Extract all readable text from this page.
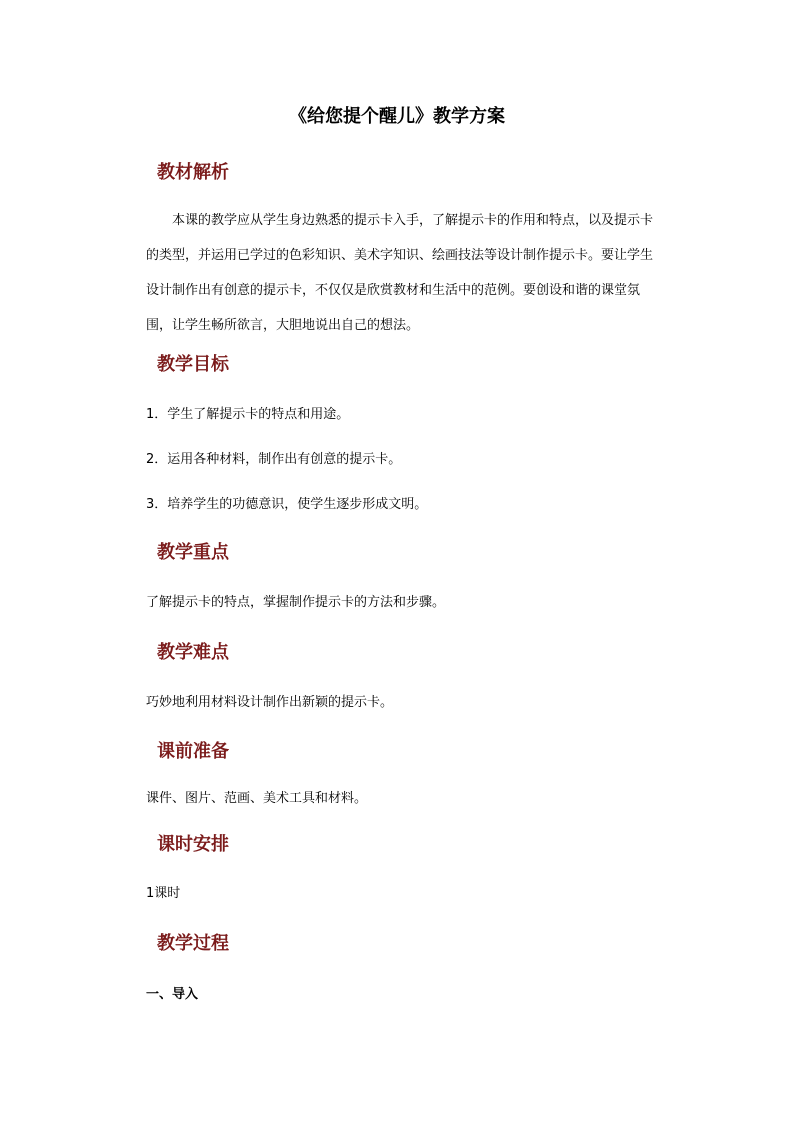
《给您提个醒儿》教学方案
教材解析

本课的教学应从学生身边熟悉的提示卡入手，了解提示卡的作用和特点，以及提示卡的类型，并运用已学过的色彩知识、美术字知识、绘画技法等设计制作提示卡。要让学生设计制作出有创意的提示卡，不仅仅是欣赏教材和生活中的范例。要创设和谐的课堂氛围，让学生畅所欲言，大胆地说出自己的想法。

教学目标

1．学生了解提示卡的特点和用途。

2．运用各种材料，制作出有创意的提示卡。

3．培养学生的功德意识，使学生逐步形成文明。

教学重点

了解提示卡的特点，掌握制作提示卡的方法和步骤。

教学难点

巧妙地利用材料设计制作出新颖的提示卡。

课前准备

课件、图片、范画、美术工具和材料。

课时安排

1课时

教学过程

一、导入
